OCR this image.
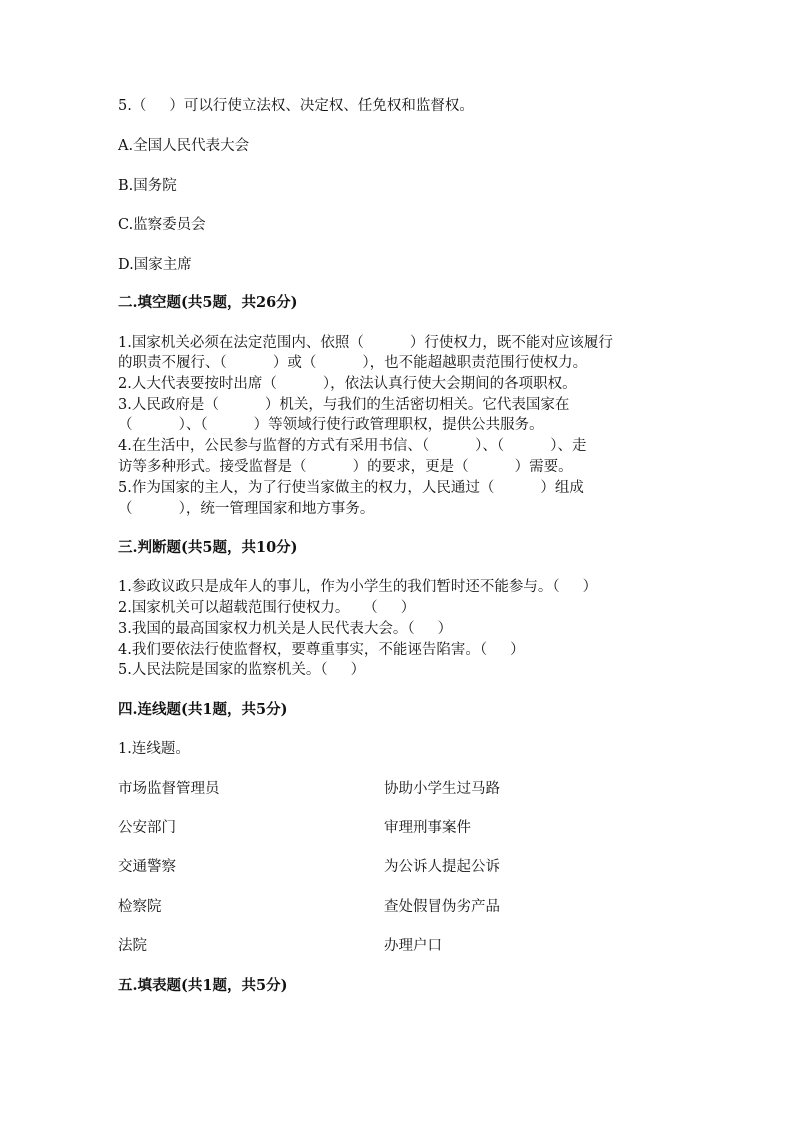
5.（     ）可以行使立法权、决定权、任免权和监督权。

A.全国人民代表大会

B.国务院

C.监察委员会

D.国家主席

二.填空题(共5题，共26分)

1.国家机关必须在法定范围内、依照（          ）行使权力，既不能对应该履行

的职责不履行、（          ）或（          ），也不能超越职责范围行使权力。

2.人大代表要按时出席（          ），依法认真行使大会期间的各项职权。

3.人民政府是（          ）机关，与我们的生活密切相关。它代表国家在

（          ）、（          ）等领域行使行政管理职权，提供公共服务。

4.在生活中，公民参与监督的方式有采用书信、（          ）、（          ）、走

访等多种形式。接受监督是（          ）的要求，更是（          ）需要。

5.作为国家的主人，为了行使当家做主的权力，人民通过（          ）组成

（          ），统一管理国家和地方事务。

三.判断题(共5题，共10分)

1.参政议政只是成年人的事儿，作为小学生的我们暂时还不能参与。（     ）

2.国家机关可以超载范围行使权力。   （     ）

3.我国的最高国家权力机关是人民代表大会。（     ）

4.我们要依法行使监督权，要尊重事实，不能诬告陷害。（     ）

5.人民法院是国家的监察机关。（     ）

四.连线题(共1题，共5分)

1.连线题。

市场监督管理员	协助小学生过马路

公安部门	审理刑事案件

交通警察	为公诉人提起公诉

检察院	查处假冒伪劣产品

法院	办理户口

五.填表题(共1题，共5分)
